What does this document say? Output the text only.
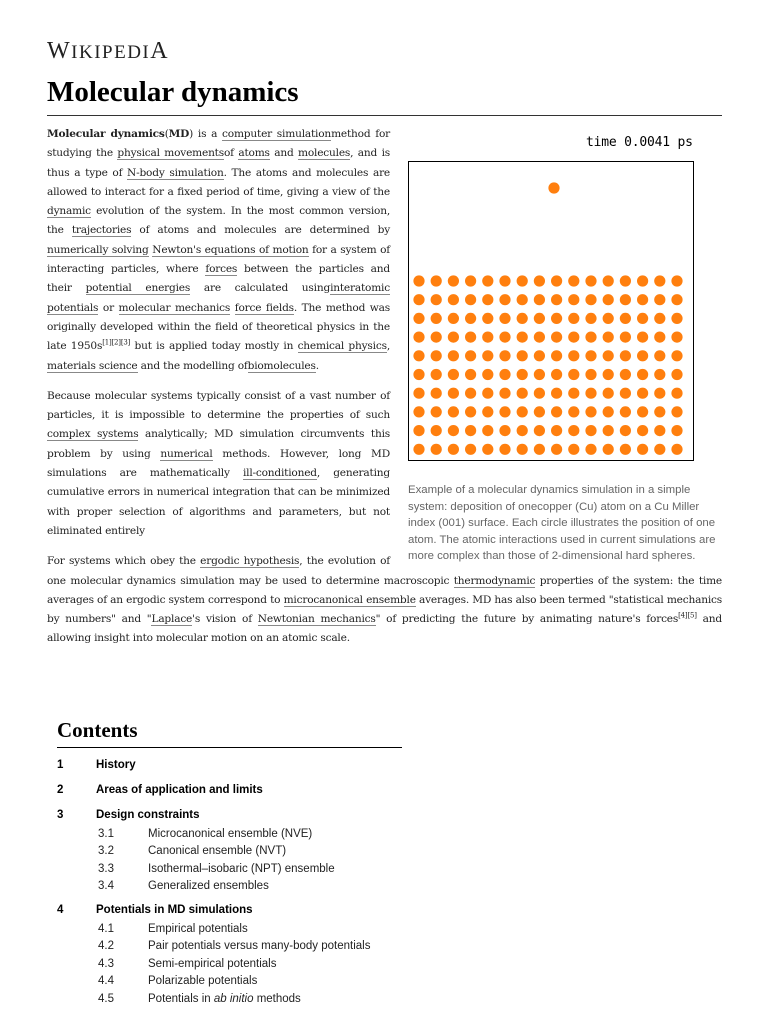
WIKIPEDIA
Molecular dynamics
time 0.0041 ps
Example of a molecular dynamics simulation in a simple system: deposition of onecopper (Cu) atom on a Cu Miller index (001) surface. Each circle illustrates the position of one atom. The atomic interactions used in current simulations are more complex than those of 2-dimensional hard spheres.

Molecular dynamics(MD) is a computer simulationmethod for studying the physical movementsof atoms and molecules, and is thus a type of N-body simulation. The atoms and molecules are allowed to interact for a fixed period of time, giving a view of the dynamic evolution of the system. In the most common version, the trajectories of atoms and molecules are determined by numerically solving Newton's equations of motion for a system of interacting particles, where forces between the particles and their potential energies are calculated usinginteratomic potentials or molecular mechanics force fields. The method was originally developed within the field of theoretical physics in the late 1950s[1][2][3] but is applied today mostly in chemical physics, materials science and the modelling ofbiomolecules.

Because molecular systems typically consist of a vast number of particles, it is impossible to determine the properties of such complex systems analytically; MD simulation circumvents this problem by using numerical methods. However, long MD simulations are mathematically ill-conditioned, generating cumulative errors in numerical integration that can be minimized with proper selection of algorithms and parameters, but not eliminated entirely

For systems which obey the ergodic hypothesis, the evolution of one molecular dynamics simulation may be used to determine macroscopic thermodynamic properties of the system: the time averages of an ergodic system correspond to microcanonical ensemble averages. MD has also been termed "statistical mechanics by numbers" and "Laplace's vision of Newtonian mechanics" of predicting the future by animating nature's forces[4][5] and allowing insight into molecular motion on an atomic scale.

Contents
1	History
2	Areas of application and limits
3	Design constraints
3.1	Microcanonical ensemble (NVE)
3.2	Canonical ensemble (NVT)
3.3	Isothermal–isobaric (NPT) ensemble
3.4	Generalized ensembles
4	Potentials in MD simulations
4.1	Empirical potentials
4.2	Pair potentials versus many-body potentials
4.3	Semi-empirical potentials
4.4	Polarizable potentials
4.5	Potentials in ab initio methods
